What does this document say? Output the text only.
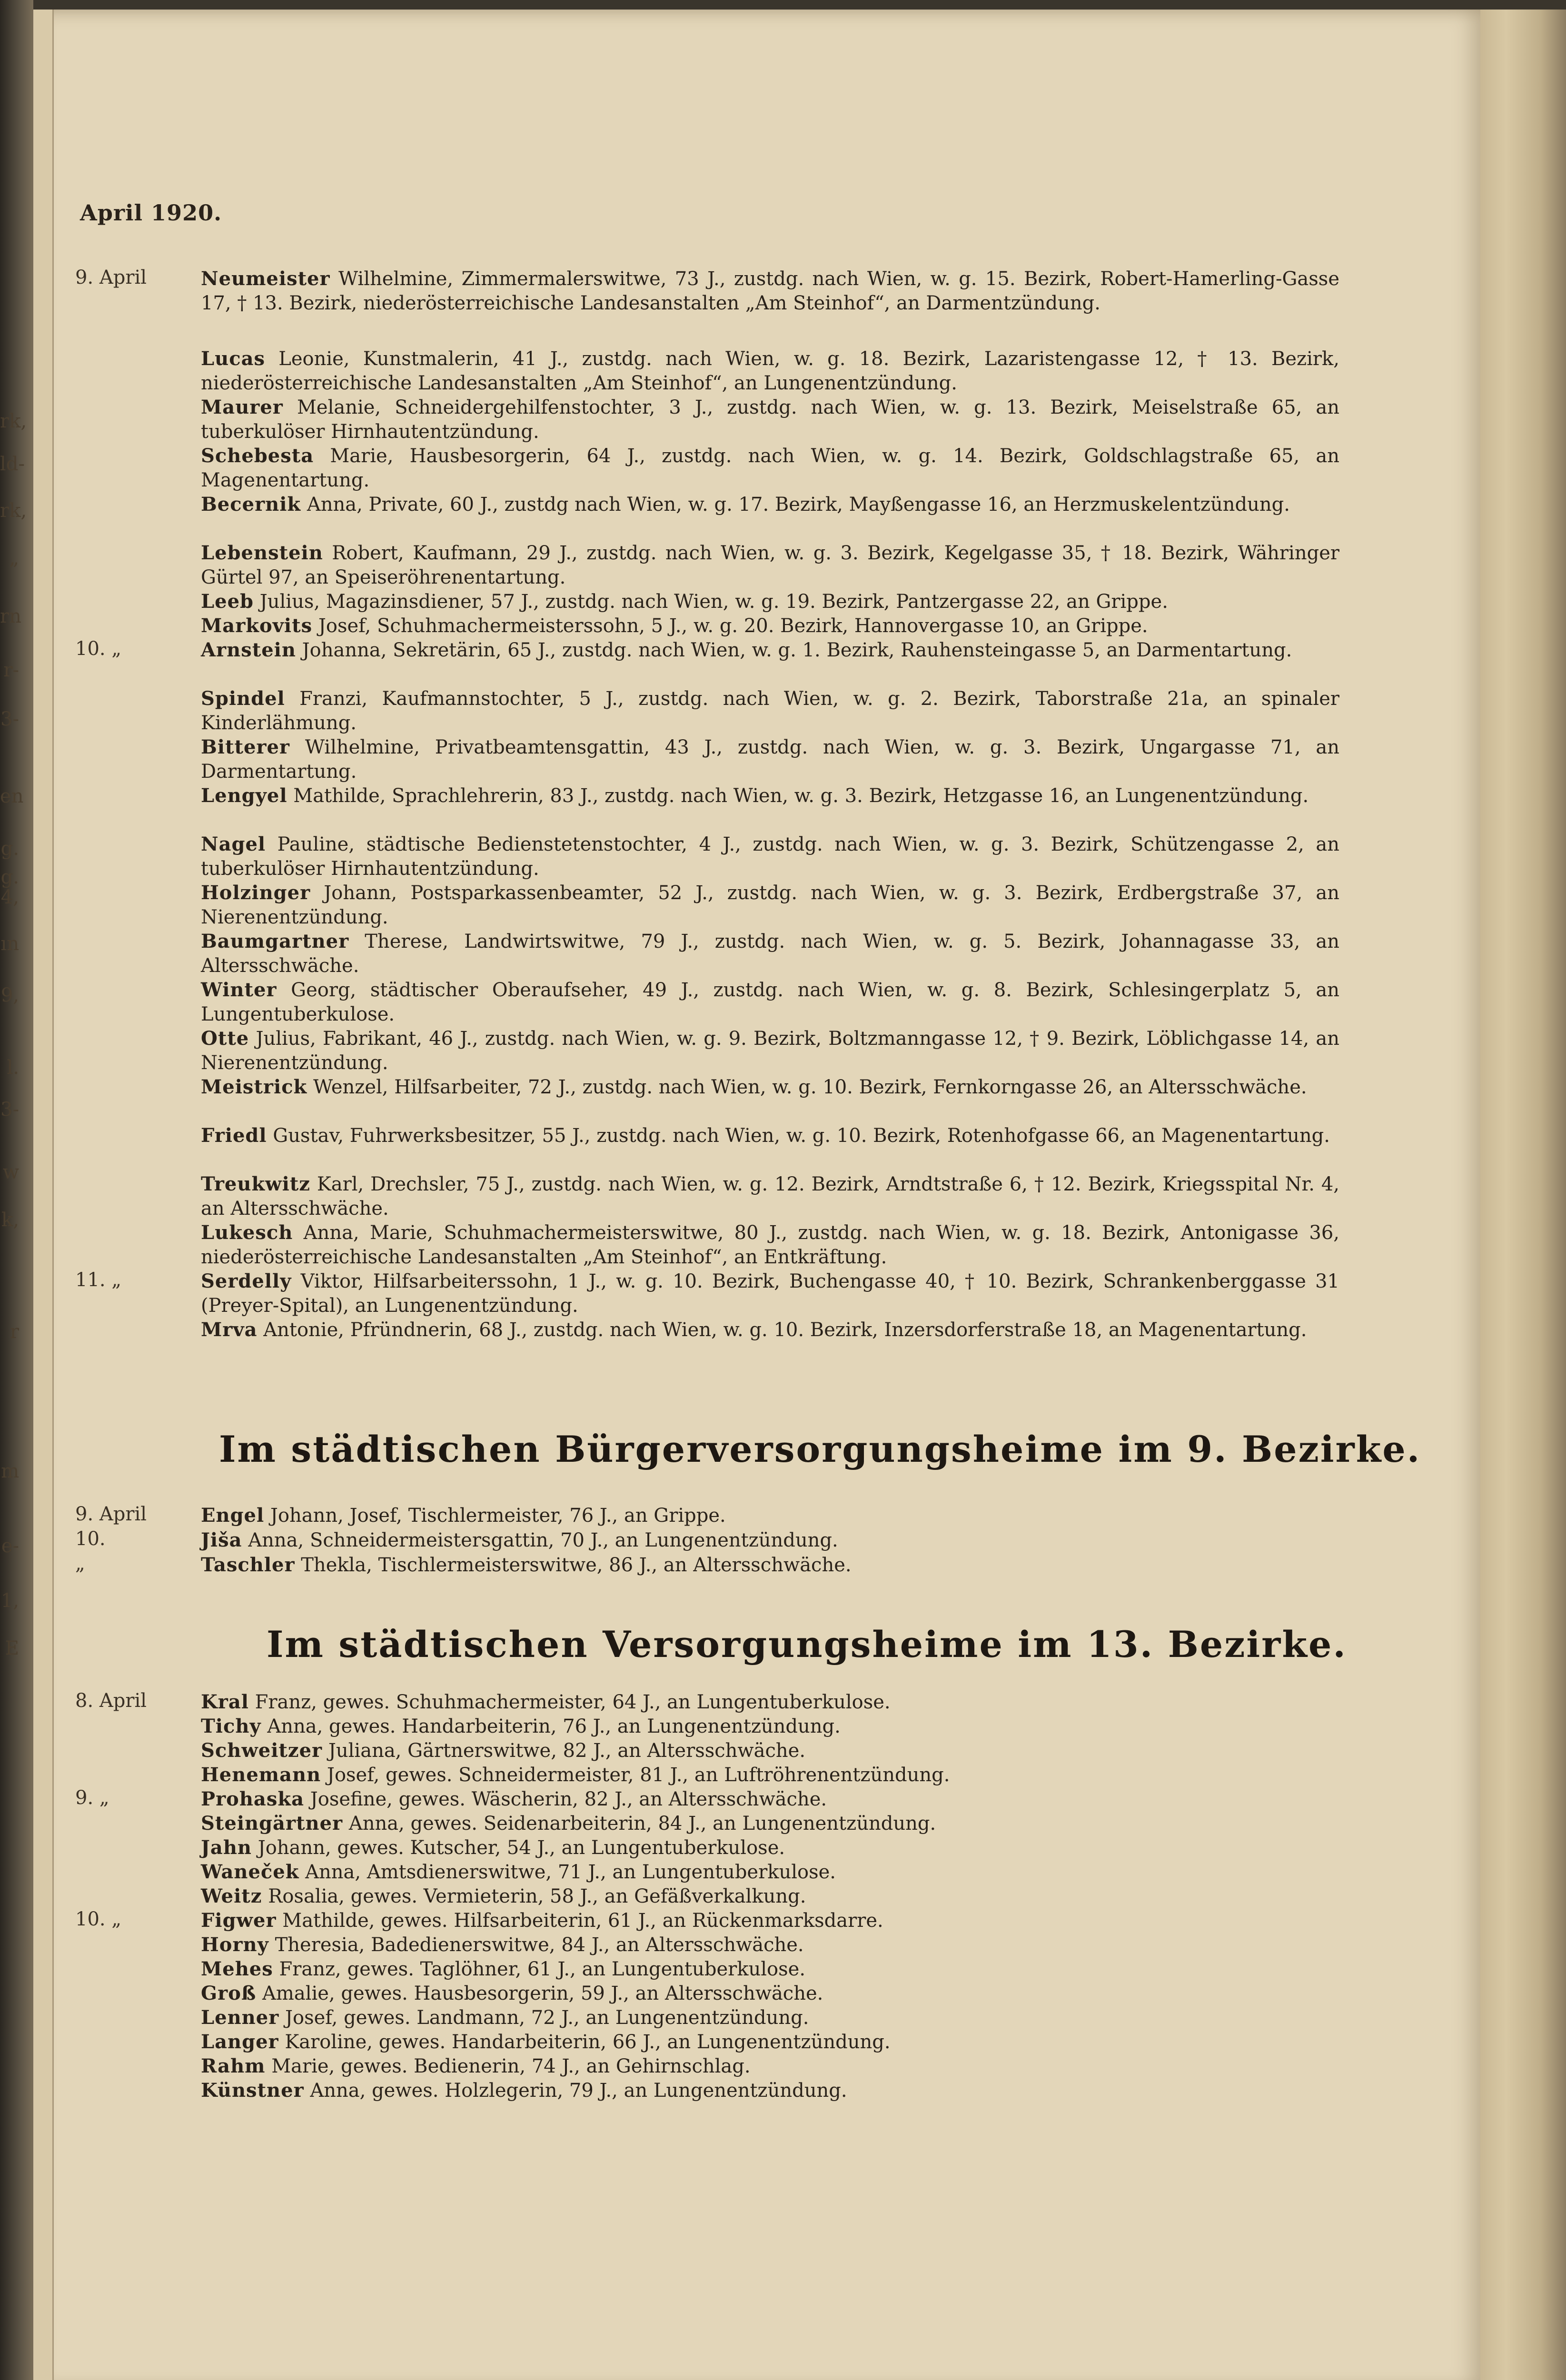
rk,
ld-
rk,
„
rn
r-
3-
en
g.
g.
4,
ın
9,
l.
3-
w
k,
r
m
e-
1,
E
April 1920.
9. April	Neumeister Wilhelmine, Zimmermalerswitwe, 73 J., zustdg. nach Wien, w. g. 15. Bezirk, Robert-Hamerling-Gasse 17, † 13. Bezirk, niederösterreichische Landesanstalten „Am Steinhof“, an Darmentzündung.
Lucas Leonie, Kunstmalerin, 41 J., zustdg. nach Wien, w. g. 18. Bezirk, Lazaristengasse 12, † 13. Bezirk, niederösterreichische Landesanstalten „Am Steinhof“, an Lungenentzündung.
Maurer Melanie, Schneidergehilfenstochter, 3 J., zustdg. nach Wien, w. g. 13. Bezirk, Meiselstraße 65, an tuberkulöser Hirnhautentzündung.
Schebesta Marie, Hausbesorgerin, 64 J., zustdg. nach Wien, w. g. 14. Bezirk, Goldschlagstraße 65, an Magenentartung.
Becernik Anna, Private, 60 J., zustdg nach Wien, w. g. 17. Bezirk, Mayßengasse 16, an Herzmuskelentzündung.
Lebenstein Robert, Kaufmann, 29 J., zustdg. nach Wien, w. g. 3. Bezirk, Kegelgasse 35, † 18. Bezirk, Währinger Gürtel 97, an Speiseröhrenentartung.
Leeb Julius, Magazinsdiener, 57 J., zustdg. nach Wien, w. g. 19. Bezirk, Pantzergasse 22, an Grippe.
Markovits Josef, Schuhmachermeisterssohn, 5 J., w. g. 20. Bezirk, Hannovergasse 10, an Grippe.
10. „	Arnstein Johanna, Sekretärin, 65 J., zustdg. nach Wien, w. g. 1. Bezirk, Rauhensteingasse 5, an Darmentartung.
Spindel Franzi, Kaufmannstochter, 5 J., zustdg. nach Wien, w. g. 2. Bezirk, Taborstraße 21a, an spinaler Kinderlähmung.
Bitterer Wilhelmine, Privatbeamtensgattin, 43 J., zustdg. nach Wien, w. g. 3. Bezirk, Ungargasse 71, an Darmentartung.
Lengyel Mathilde, Sprachlehrerin, 83 J., zustdg. nach Wien, w. g. 3. Bezirk, Hetzgasse 16, an Lungenentzündung.
Nagel Pauline, städtische Bedienstetenstochter, 4 J., zustdg. nach Wien, w. g. 3. Bezirk, Schützengasse 2, an tuberkulöser Hirnhautentzündung.
Holzinger Johann, Postsparkassenbeamter, 52 J., zustdg. nach Wien, w. g. 3. Bezirk, Erdbergstraße 37, an Nierenentzündung.
Baumgartner Therese, Landwirtswitwe, 79 J., zustdg. nach Wien, w. g. 5. Bezirk, Johannagasse 33, an Altersschwäche.
Winter Georg, städtischer Oberaufseher, 49 J., zustdg. nach Wien, w. g. 8. Bezirk, Schlesingerplatz 5, an Lungentuberkulose.
Otte Julius, Fabrikant, 46 J., zustdg. nach Wien, w. g. 9. Bezirk, Boltzmanngasse 12, † 9. Bezirk, Löblichgasse 14, an Nierenentzündung.
Meistrick Wenzel, Hilfsarbeiter, 72 J., zustdg. nach Wien, w. g. 10. Bezirk, Fernkorngasse 26, an Altersschwäche.
Friedl Gustav, Fuhrwerksbesitzer, 55 J., zustdg. nach Wien, w. g. 10. Bezirk, Rotenhofgasse 66, an Magenentartung.
Treukwitz Karl, Drechsler, 75 J., zustdg. nach Wien, w. g. 12. Bezirk, Arndtstraße 6, † 12. Bezirk, Kriegsspital Nr. 4, an Altersschwäche.
Lukesch Anna, Marie, Schuhmachermeisterswitwe, 80 J., zustdg. nach Wien, w. g. 18. Bezirk, Antonigasse 36, niederösterreichische Landesanstalten „Am Steinhof“, an Entkräftung.
11. „	Serdelly Viktor, Hilfsarbeiterssohn, 1 J., w. g. 10. Bezirk, Buchengasse 40, † 10. Bezirk, Schrankenberggasse 31 (Preyer-Spital), an Lungenentzündung.
Mrva Antonie, Pfründnerin, 68 J., zustdg. nach Wien, w. g. 10. Bezirk, Inzersdorferstraße 18, an Magenentartung.
Im städtischen Bürgerversorgungsheime im 9. Bezirke.
9. April	Engel Johann, Josef, Tischlermeister, 76 J., an Grippe.
10.	Jiša Anna, Schneidermeistersgattin, 70 J., an Lungenentzündung.
„	Taschler Thekla, Tischlermeisterswitwe, 86 J., an Altersschwäche.
Im städtischen Versorgungsheime im 13. Bezirke.
8. April	Kral Franz, gewes. Schuhmachermeister, 64 J., an Lungentuberkulose.
Tichy Anna, gewes. Handarbeiterin, 76 J., an Lungenentzündung.
Schweitzer Juliana, Gärtnerswitwe, 82 J., an Altersschwäche.
Henemann Josef, gewes. Schneidermeister, 81 J., an Luftröhrenentzündung.
9. „	Prohaska Josefine, gewes. Wäscherin, 82 J., an Altersschwäche.
Steingärtner Anna, gewes. Seidenarbeiterin, 84 J., an Lungenentzündung.
Jahn Johann, gewes. Kutscher, 54 J., an Lungentuberkulose.
Waneček Anna, Amtsdienerswitwe, 71 J., an Lungentuberkulose.
Weitz Rosalia, gewes. Vermieterin, 58 J., an Gefäßverkalkung.
10. „	Figwer Mathilde, gewes. Hilfsarbeiterin, 61 J., an Rückenmarksdarre.
Horny Theresia, Badedienerswitwe, 84 J., an Altersschwäche.
Mehes Franz, gewes. Taglöhner, 61 J., an Lungentuberkulose.
Groß Amalie, gewes. Hausbesorgerin, 59 J., an Altersschwäche.
Lenner Josef, gewes. Landmann, 72 J., an Lungenentzündung.
Langer Karoline, gewes. Handarbeiterin, 66 J., an Lungenentzündung.
Rahm Marie, gewes. Bedienerin, 74 J., an Gehirnschlag.
Künstner Anna, gewes. Holzlegerin, 79 J., an Lungenentzündung.
